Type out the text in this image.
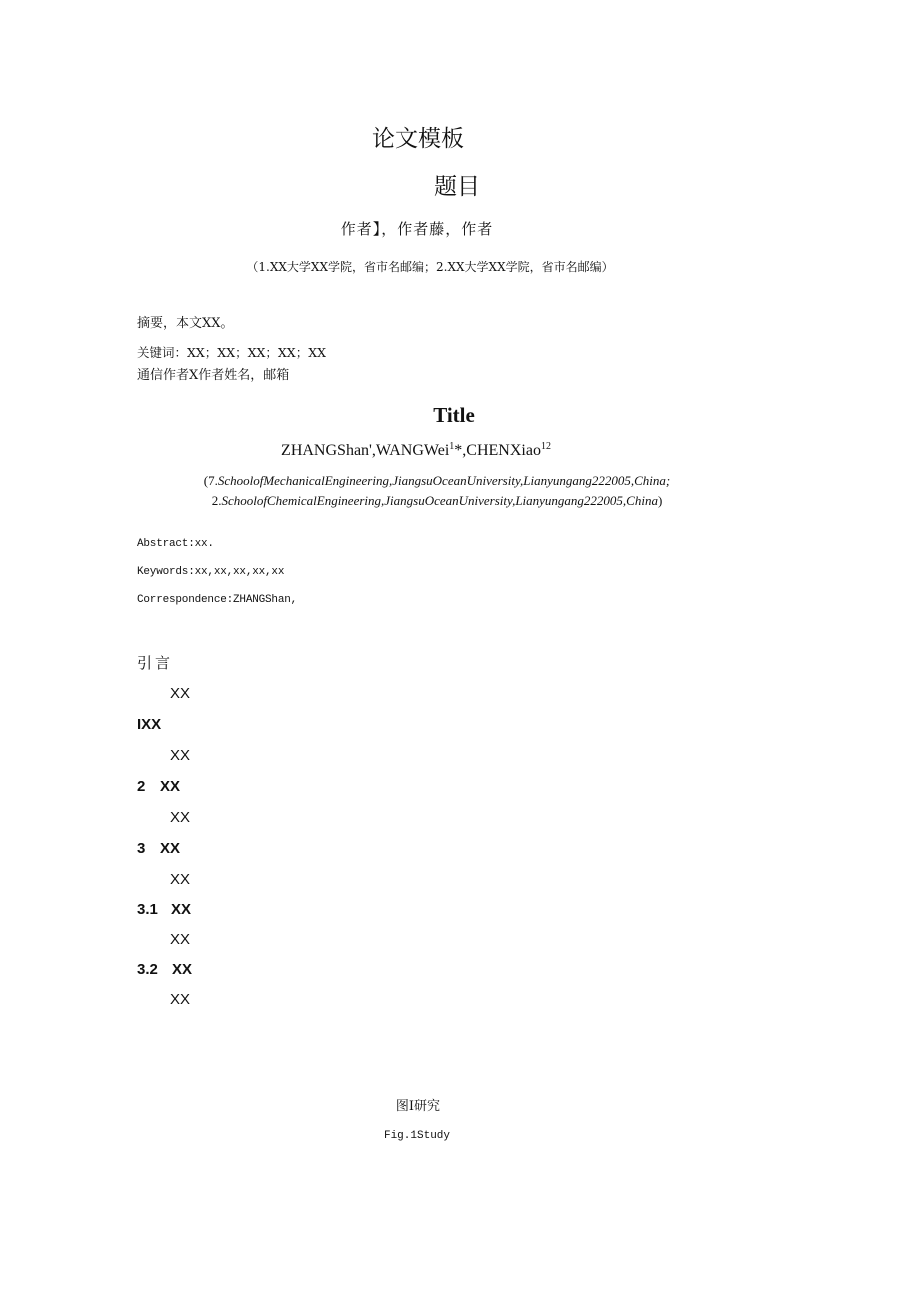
论文模板
题目
作者】，作者藤，作者
（1.XX大学XX学院，省市名邮编；2.XX大学XX学院，省市名邮编）
摘要，本文XX。
关键词：XX；XX；XX；XX；XX
通信作者X作者姓名，邮箱
Title
ZHANGShan',WANGWei$^1$*,CHENXiao$^{12}$
(7.SchoolofMechanicalEngineering,JiangsuOceanUniversity,Lianyungang222005,China;
2.SchoolofChemicalEngineering,JiangsuOceanUniversity,Lianyungang222005,China)
Abstract:xx.
Keywords:xx,xx,xx,xx,xx
Correspondence:ZHANGShan,
引言
XX
IXX
XX
2 XX
XX
3 XX
XX
3.1 XX
XX
3.2 XX
XX
图I研究
Fig.1Study
